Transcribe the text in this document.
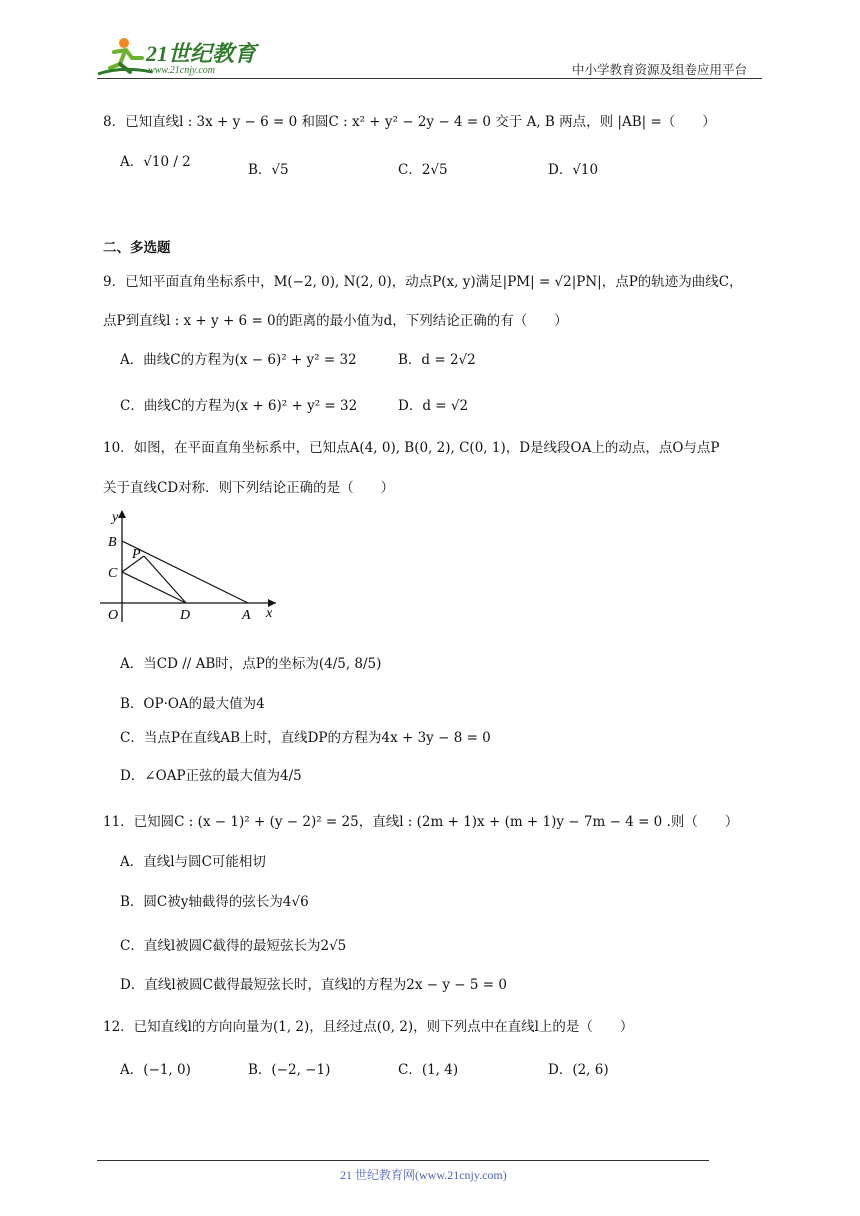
21世纪教育
www.21cnjy.com	中小学教育资源及组卷应用平台
8．已知直线l : 3x + y − 6 = 0 和圆C : x² + y² − 2y − 4 = 0 交于 A, B 两点，则 |AB| =（　　）
A．√10 / 2	B．√5	C．2√5	D．√10
二、多选题
9．已知平面直角坐标系中，M(−2, 0), N(2, 0)，动点P(x, y)满足|PM| = √2|PN|，点P的轨迹为曲线C，
点P到直线l : x + y + 6 = 0的距离的最小值为d，下列结论正确的有（　　）
A．曲线C的方程为(x − 6)² + y² = 32	B．d = 2√2
C．曲线C的方程为(x + 6)² + y² = 32	D．d = √2
10．如图，在平面直角坐标系中，已知点A(4, 0), B(0, 2), C(0, 1)，D是线段OA上的动点，点O与点P
关于直线CD对称．则下列结论正确的是（　　）
y
B
P
C
O	D	A x
A．当CD // AB时，点P的坐标为(4/5, 8/5)
B．OP·OA的最大值为4
C．当点P在直线AB上时，直线DP的方程为4x + 3y − 8 = 0
D．∠OAP正弦的最大值为4/5
11．已知圆C : (x − 1)² + (y − 2)² = 25，直线l : (2m + 1)x + (m + 1)y − 7m − 4 = 0 .则（　　）
A．直线l与圆C可能相切
B．圆C被y轴截得的弦长为4√6
C．直线l被圆C截得的最短弦长为2√5
D．直线l被圆C截得最短弦长时，直线l的方程为2x − y − 5 = 0
12．已知直线l的方向向量为(1, 2)，且经过点(0, 2)，则下列点中在直线l上的是（　　）
A．(−1, 0)	B．(−2, −1)	C．(1, 4)	D．(2, 6)
21 世纪教育网(www.21cnjy.com)
